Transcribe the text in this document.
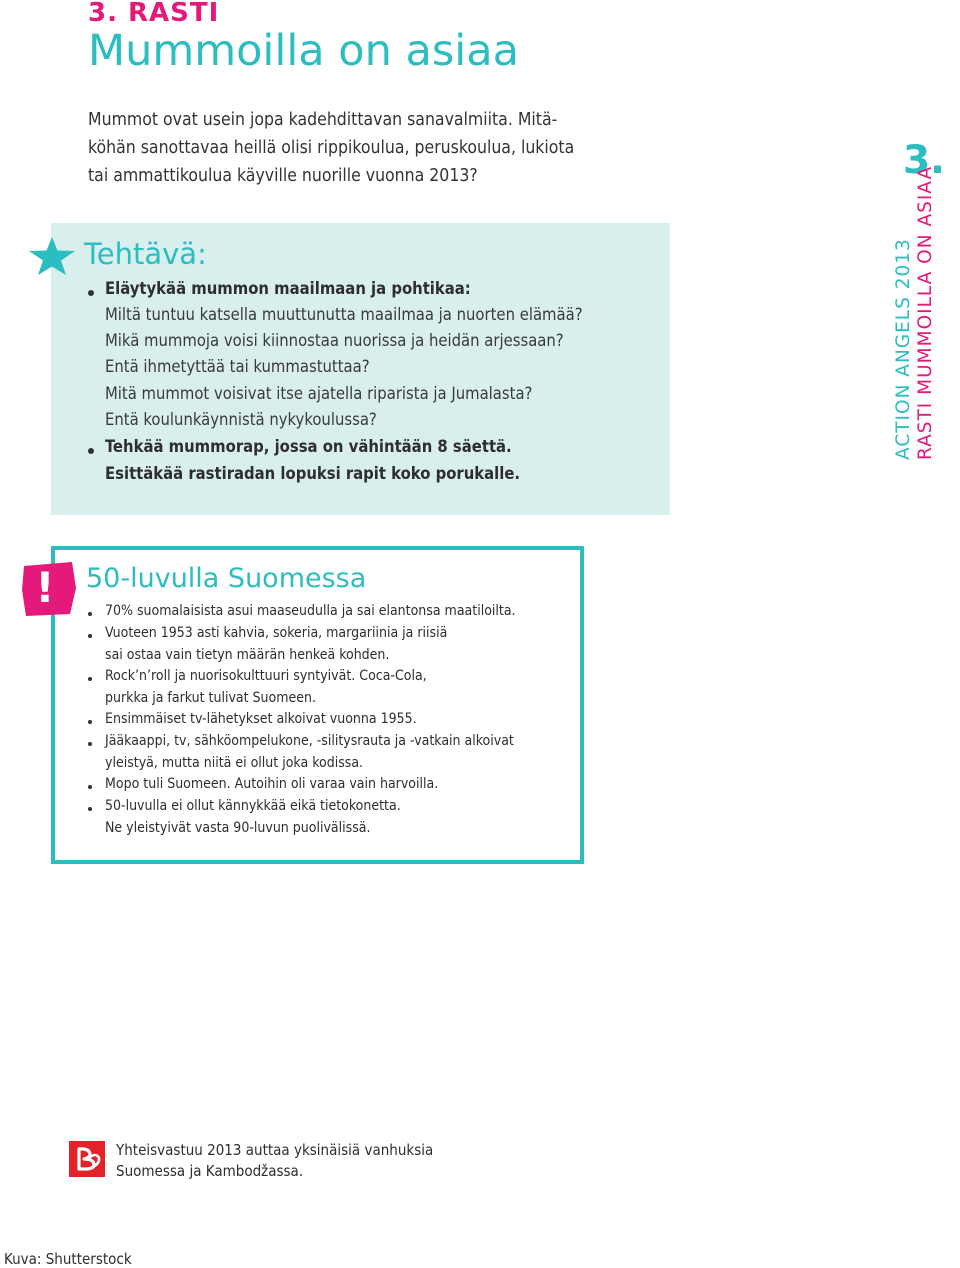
3. RASTI
Mummoilla on asiaa
Mummot ovat usein jopa kadehdittavan sanavalmiita. Mitä-
köhän sanottavaa heillä olisi rippikoulua, peruskoulua, lukiota
tai ammattikoulua käyville nuorille vuonna 2013?
Tehtävä:
Eläytykää mummon maailmaan ja pohtikaa:
Miltä tuntuu katsella muuttunutta maailmaa ja nuorten elämää?
Mikä mummoja voisi kiinnostaa nuorissa ja heidän arjessaan?
Entä ihmetyttää tai kummastuttaa?
Mitä mummot voisivat itse ajatella riparista ja Jumalasta?
Entä koulunkäynnistä nykykoulussa?
Tehkää mummorap, jossa on vähintään 8 säettä.
Esittäkää rastiradan lopuksi rapit koko porukalle.
3.
ACTION ANGELS 2013 RASTI MUMMOILLA ON ASIAA
!	50-luvulla Suomessa
70% suomalaisista asui maaseudulla ja sai elantonsa maatiloilta.
Vuoteen 1953 asti kahvia, sokeria, margariinia ja riisiä
sai ostaa vain tietyn määrän henkeä kohden.
Rock’n’roll ja nuorisokulttuuri syntyivät. Coca-Cola,
purkka ja farkut tulivat Suomeen.
Ensimmäiset tv-lähetykset alkoivat vuonna 1955.
Jääkaappi, tv, sähköompelukone, -silitysrauta ja -vatkain alkoivat
yleistyä, mutta niitä ei ollut joka kodissa.
Mopo tuli Suomeen. Autoihin oli varaa vain harvoilla.
50-luvulla ei ollut kännykkää eikä tietokonetta.
Ne yleistyivät vasta 90-luvun puolivälissä.
Yhteisvastuu 2013 auttaa yksinäisiä vanhuksia
Suomessa ja Kambodžassa.
Kuva: Shutterstock
